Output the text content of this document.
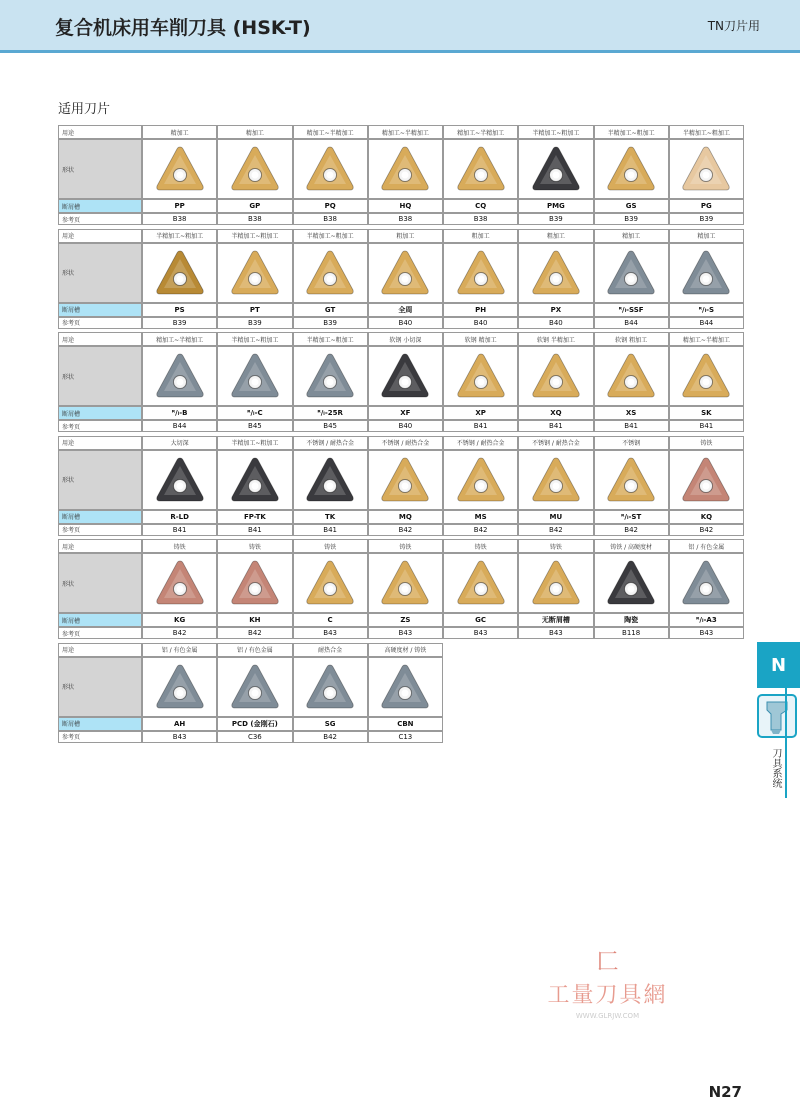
复合机床用车削刀具 (HSK-T)	TN刀片用
适用刀片
用途
形状
断屑槽
参考页
精加工
PP
B38
精加工
GP
B38
精加工~半精加工
PQ
B38
精加工~半精加工
HQ
B38
精加工~半精加工
CQ
B38
半精加工~粗加工
PMG
B39
半精加工~粗加工
GS
B39
半精加工~粗加工
PG
B39
用途
形状
断屑槽
参考页
半精加工~粗加工
PS
B39
半精加工~粗加工
PT
B39
半精加工~粗加工
GT
B39
粗加工
全周
B40
粗加工
PH
B40
粗加工
PX
B40
精加工
ᴿ/ₗ-SSF
B44
精加工
ᴿ/ₗ-S
B44
用途
形状
断屑槽
参考页
精加工~半精加工
ᴿ/ₗ-B
B44
半精加工~粗加工
ᴿ/ₗ-C
B45
半精加工~粗加工
ᴿ/ₗ-25R
B45
软钢 小切深
XF
B40
软钢 精加工
XP
B41
软钢 半精加工
XQ
B41
软钢 粗加工
XS
B41
精加工~半精加工
SK
B41
用途
形状
断屑槽
参考页
大切深
R-LD
B41
半精加工~粗加工
FP-TK
B41
不锈钢 / 耐热合金
TK
B41
不锈钢 / 耐热合金
MQ
B42
不锈钢 / 耐热合金
MS
B42
不锈钢 / 耐热合金
MU
B42
不锈钢
ᴿ/ₗ-ST
B42
铸铁
KQ
B42
用途
形状
断屑槽
参考页
铸铁
KG
B42
铸铁
KH
B42
铸铁
C
B43
铸铁
ZS
B43
铸铁
GC
B43
铸铁
无断屑槽
B43
铸铁 / 高硬度材
陶瓷
B118
铝 / 有色金属
ᴿ/ₗ-A3
B43
用途
形状
断屑槽
参考页
铝 / 有色金属
AH
B43
铝 / 有色金属
PCD (金刚石)
C36
耐热合金
SG
B42
高硬度材 / 铸铁
CBN
C13
N
刀具系统
匚
工量刀具網
WWW.GLRJW.COM
N27
